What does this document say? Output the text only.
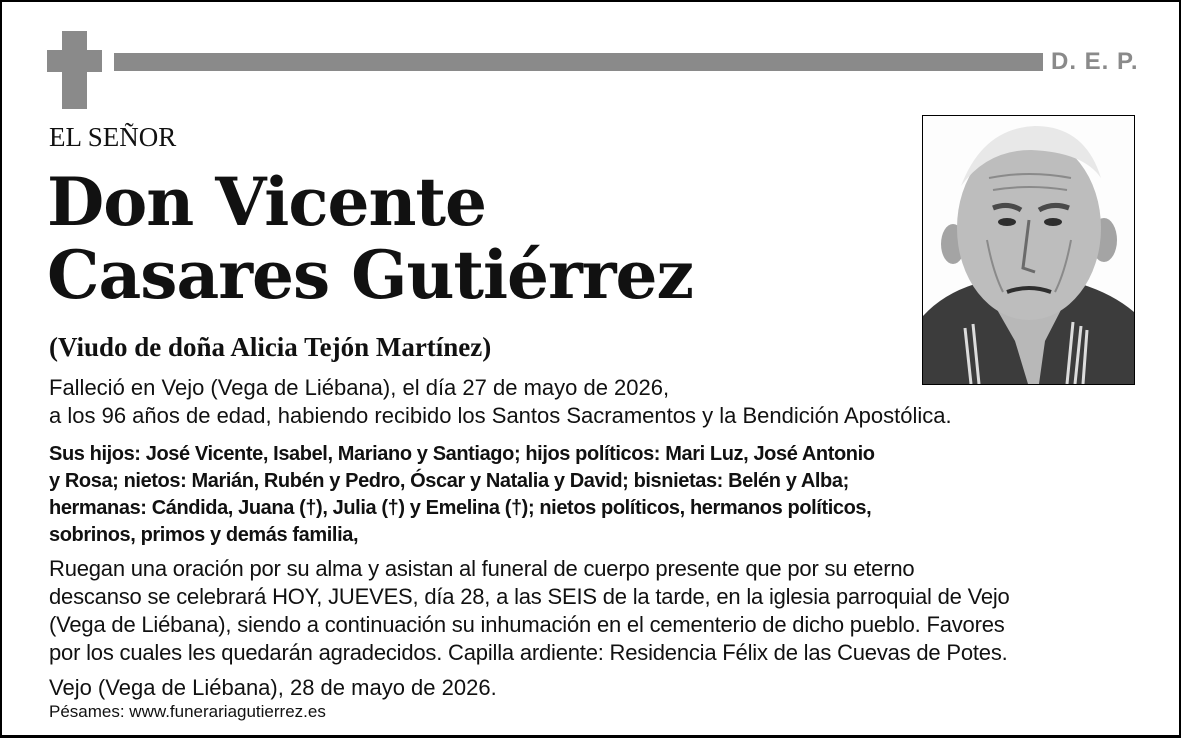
D. E. P.
EL SEÑOR
Don Vicente
Casares Gutiérrez
(Viudo de doña Alicia Tejón Martínez)
Falleció en Vejo (Vega de Liébana), el día 27 de mayo de 2026,
a los 96 años de edad, habiendo recibido los Santos Sacramentos y la Bendición Apostólica.
Sus hijos: José Vicente, Isabel, Mariano y Santiago; hijos políticos: Mari Luz, José Antonio
y Rosa; nietos: Marián, Rubén y Pedro, Óscar y Natalia y David; bisnietas: Belén y Alba;
hermanas: Cándida, Juana (†), Julia (†) y Emelina (†); nietos políticos, hermanos políticos,
sobrinos, primos y demás familia,
Ruegan una oración por su alma y asistan al funeral de cuerpo presente que por su eterno
descanso se celebrará HOY, JUEVES, día 28, a las SEIS de la tarde, en la iglesia parroquial de Vejo
(Vega de Liébana), siendo a continuación su inhumación en el cementerio de dicho pueblo. Favores
por los cuales les quedarán agradecidos. Capilla ardiente: Residencia Félix de las Cuevas de Potes.
Vejo (Vega de Liébana), 28 de mayo de 2026.
Pésames: www.funerariagutierrez.es
